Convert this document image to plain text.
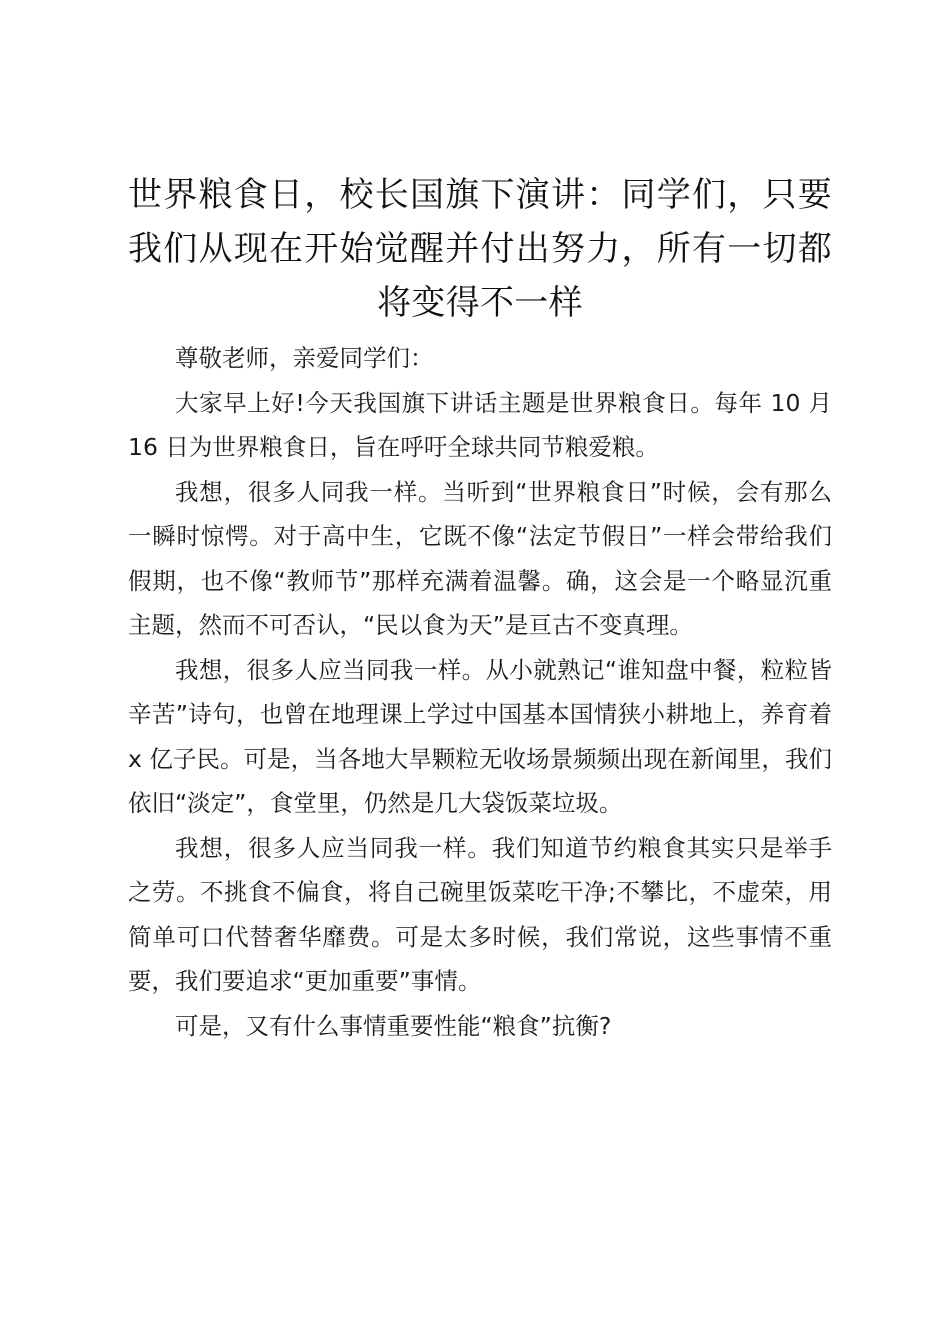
世界粮食日，校长国旗下演讲：同学们，只要我们从现在开始觉醒并付出努力，所有一切都将变得不一样

尊敬老师，亲爱同学们：

大家早上好!今天我国旗下讲话主题是世界粮食日。每年 10 月 16 日为世界粮食日，旨在呼吁全球共同节粮爱粮。

我想，很多人同我一样。当听到“世界粮食日”时候，会有那么一瞬时惊愕。对于高中生，它既不像“法定节假日”一样会带给我们假期，也不像“教师节”那样充满着温馨。确，这会是一个略显沉重主题，然而不可否认，“民以食为天”是亘古不变真理。

我想，很多人应当同我一样。从小就熟记“谁知盘中餐，粒粒皆辛苦”诗句，也曾在地理课上学过中国基本国情狭小耕地上，养育着 x 亿子民。可是，当各地大旱颗粒无收场景频频出现在新闻里，我们依旧“淡定”，食堂里，仍然是几大袋饭菜垃圾。

我想，很多人应当同我一样。我们知道节约粮食其实只是举手之劳。不挑食不偏食，将自己碗里饭菜吃干净;不攀比，不虚荣，用简单可口代替奢华靡费。可是太多时候，我们常说，这些事情不重要，我们要追求“更加重要”事情。

可是，又有什么事情重要性能“粮食”抗衡?
